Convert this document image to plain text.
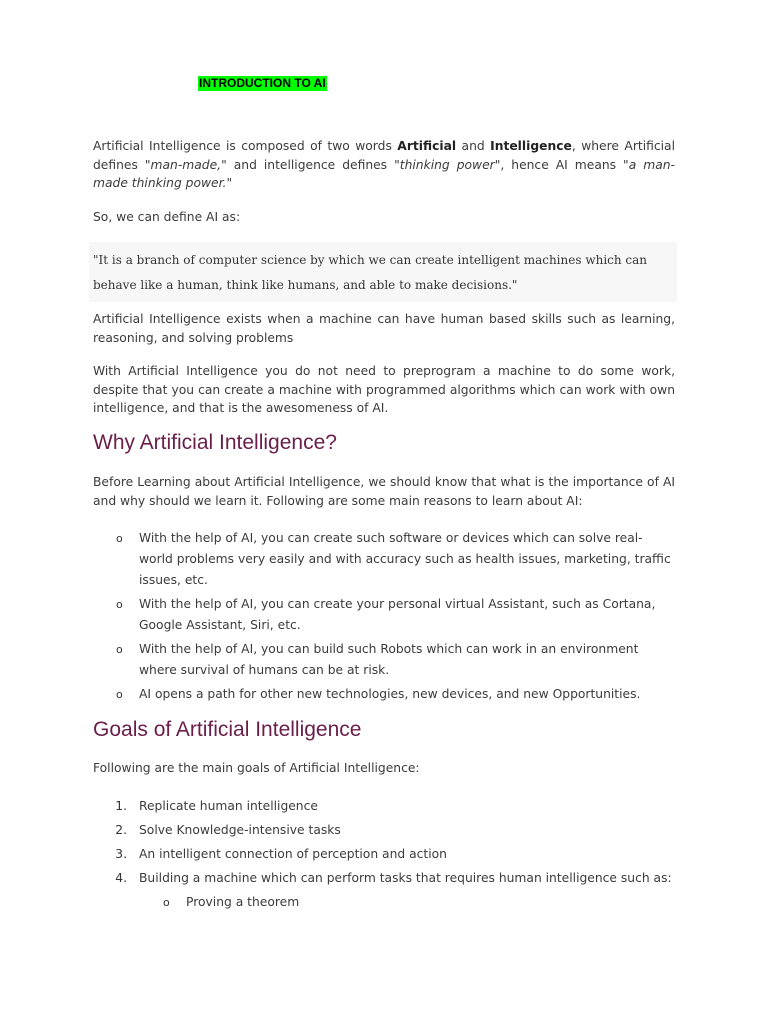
INTRODUCTION TO AI
Artificial Intelligence is composed of two words Artificial and Intelligence, where Artificial defines "man-made," and intelligence defines "thinking power", hence AI means "a man-made thinking power."
So, we can define AI as:
"It is a branch of computer science by which we can create intelligent machines which can behave like a human, think like humans, and able to make decisions."
Artificial Intelligence exists when a machine can have human based skills such as learning, reasoning, and solving problems
With Artificial Intelligence you do not need to preprogram a machine to do some work, despite that you can create a machine with programmed algorithms which can work with own intelligence, and that is the awesomeness of AI.
Why Artificial Intelligence?
Before Learning about Artificial Intelligence, we should know that what is the importance of AI and why should we learn it. Following are some main reasons to learn about AI:
o With the help of AI, you can create such software or devices which can solve real-world problems very easily and with accuracy such as health issues, marketing, traffic issues, etc.
o With the help of AI, you can create your personal virtual Assistant, such as Cortana, Google Assistant, Siri, etc.
o With the help of AI, you can build such Robots which can work in an environment where survival of humans can be at risk.
o AI opens a path for other new technologies, new devices, and new Opportunities.
Goals of Artificial Intelligence
Following are the main goals of Artificial Intelligence:
1. Replicate human intelligence
2. Solve Knowledge-intensive tasks
3. An intelligent connection of perception and action
4. Building a machine which can perform tasks that requires human intelligence such as:
o Proving a theorem
